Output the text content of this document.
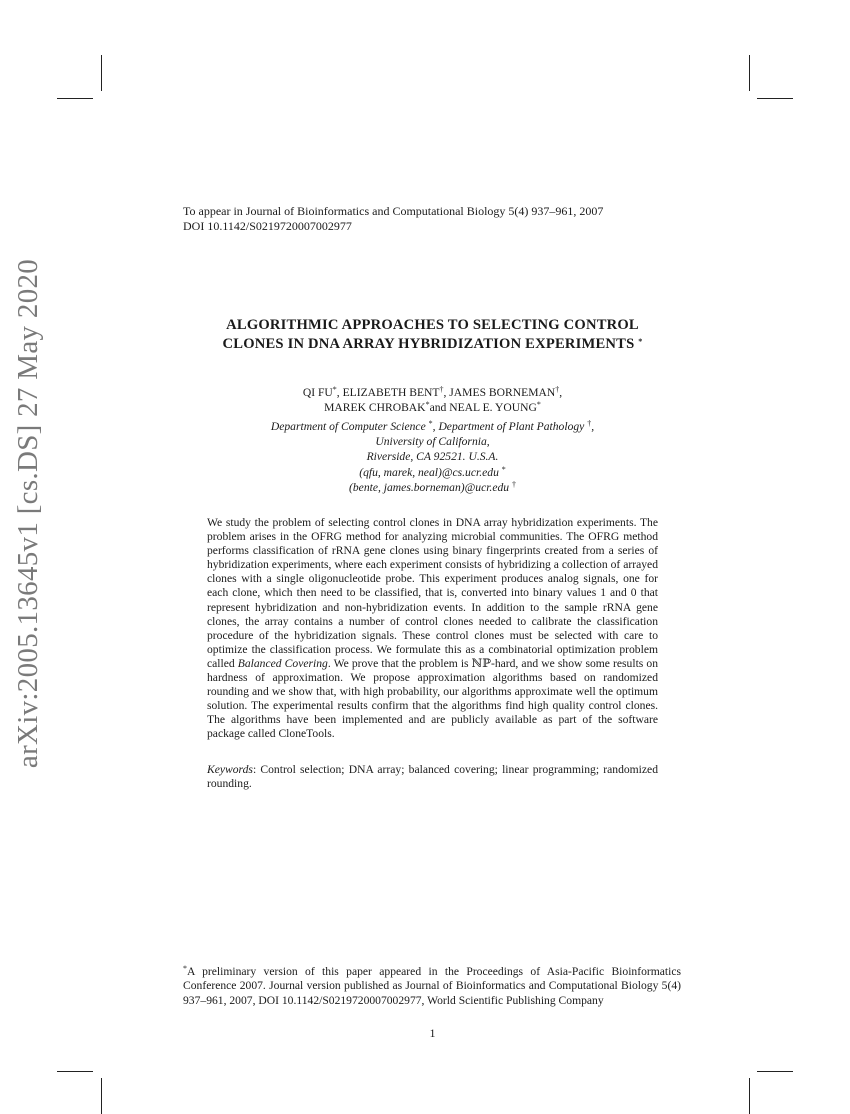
arXiv:2005.13645v1 [cs.DS] 27 May 2020
To appear in Journal of Bioinformatics and Computational Biology 5(4) 937–961, 2007
DOI 10.1142/S0219720007002977
ALGORITHMIC APPROACHES TO SELECTING CONTROL
CLONES IN DNA ARRAY HYBRIDIZATION EXPERIMENTS *
QI FU*, ELIZABETH BENT†, JAMES BORNEMAN†,
MAREK CHROBAK*and NEAL E. YOUNG*
Department of Computer Science *, Department of Plant Pathology †,
University of California,
Riverside, CA 92521. U.S.A.
(qfu, marek, neal)@cs.ucr.edu *
(bente, james.borneman)@ucr.edu †

We study the problem of selecting control clones in DNA array hybridization experiments. The problem arises in the OFRG method for analyzing microbial communities. The OFRG method performs classification of rRNA gene clones using binary fingerprints created from a series of hybridization experiments, where each experiment consists of hybridizing a collection of arrayed clones with a single oligonucleotide probe. This experiment produces analog signals, one for each clone, which then need to be classified, that is, converted into binary values 1 and 0 that represent hybridization and non-hybridization events. In addition to the sample rRNA gene clones, the array contains a number of control clones needed to calibrate the classification procedure of the hybridization signals. These control clones must be selected with care to optimize the classification process. We formulate this as a combinatorial optimization problem called Balanced Covering. We prove that the problem is ℕℙ-hard, and we show some results on hardness of approximation. We propose approximation algorithms based on randomized rounding and we show that, with high probability, our algorithms approximate well the optimum solution. The experimental results confirm that the algorithms find high quality control clones. The algorithms have been implemented and are publicly available as part of the software package called CloneTools.

Keywords: Control selection; DNA array; balanced covering; linear programming; randomized rounding.

*A preliminary version of this paper appeared in the Proceedings of Asia-Pacific Bioinformatics Conference 2007. Journal version published as Journal of Bioinformatics and Computational Biology 5(4) 937–961, 2007, DOI 10.1142/S0219720007002977, World Scientific Publishing Company

1
